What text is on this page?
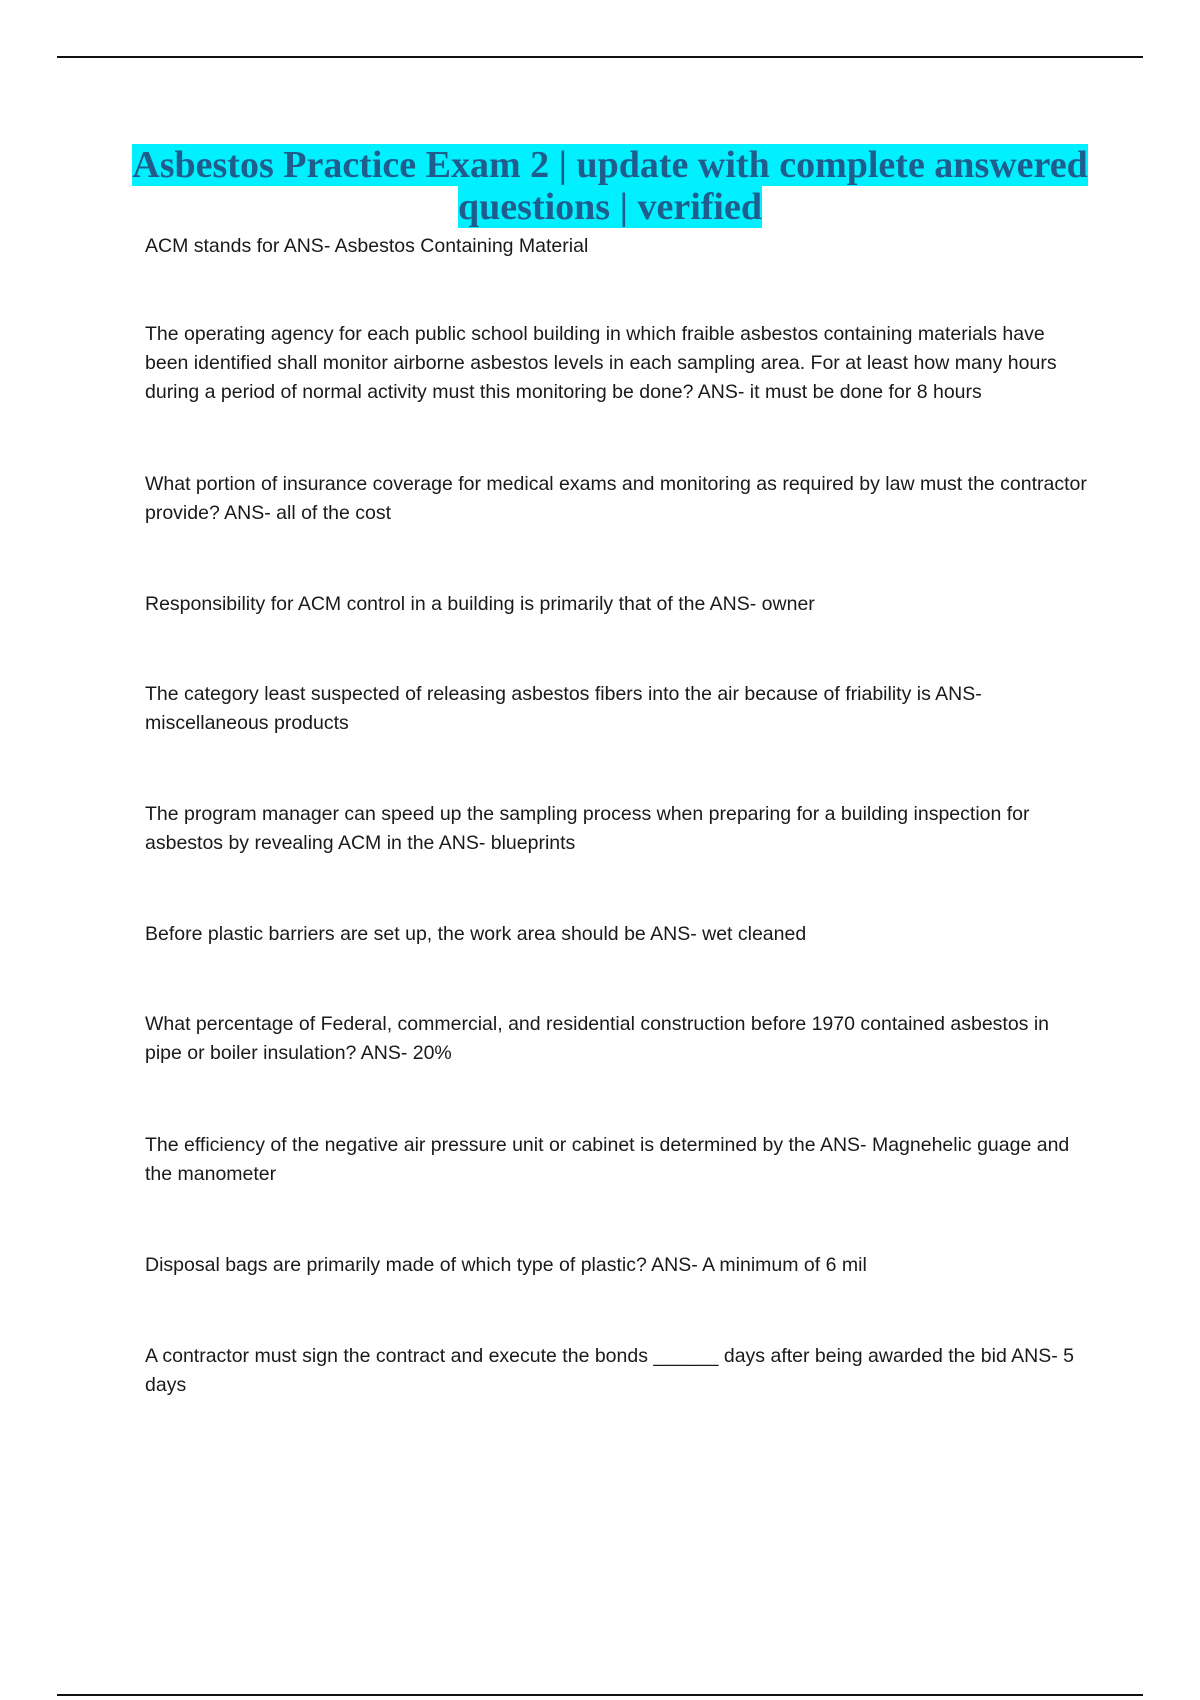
Asbestos Practice Exam 2 | update with complete answered questions | verified

ACM stands for ANS- Asbestos Containing Material

The operating agency for each public school building in which fraible asbestos containing materials have been identified shall monitor airborne asbestos levels in each sampling area. For at least how many hours during a period of normal activity must this monitoring be done? ANS- it must be done for 8 hours

What portion of insurance coverage for medical exams and monitoring as required by law must the contractor provide? ANS- all of the cost

Responsibility for ACM control in a building is primarily that of the ANS- owner

The category least suspected of releasing asbestos fibers into the air because of friability is ANS- miscellaneous products

The program manager can speed up the sampling process when preparing for a building inspection for asbestos by revealing ACM in the ANS- blueprints

Before plastic barriers are set up, the work area should be ANS- wet cleaned

What percentage of Federal, commercial, and residential construction before 1970 contained asbestos in pipe or boiler insulation? ANS- 20%

The efficiency of the negative air pressure unit or cabinet is determined by the ANS- Magnehelic guage and the manometer

Disposal bags are primarily made of which type of plastic? ANS- A minimum of 6 mil

A contractor must sign the contract and execute the bonds ______ days after being awarded the bid ANS- 5 days
